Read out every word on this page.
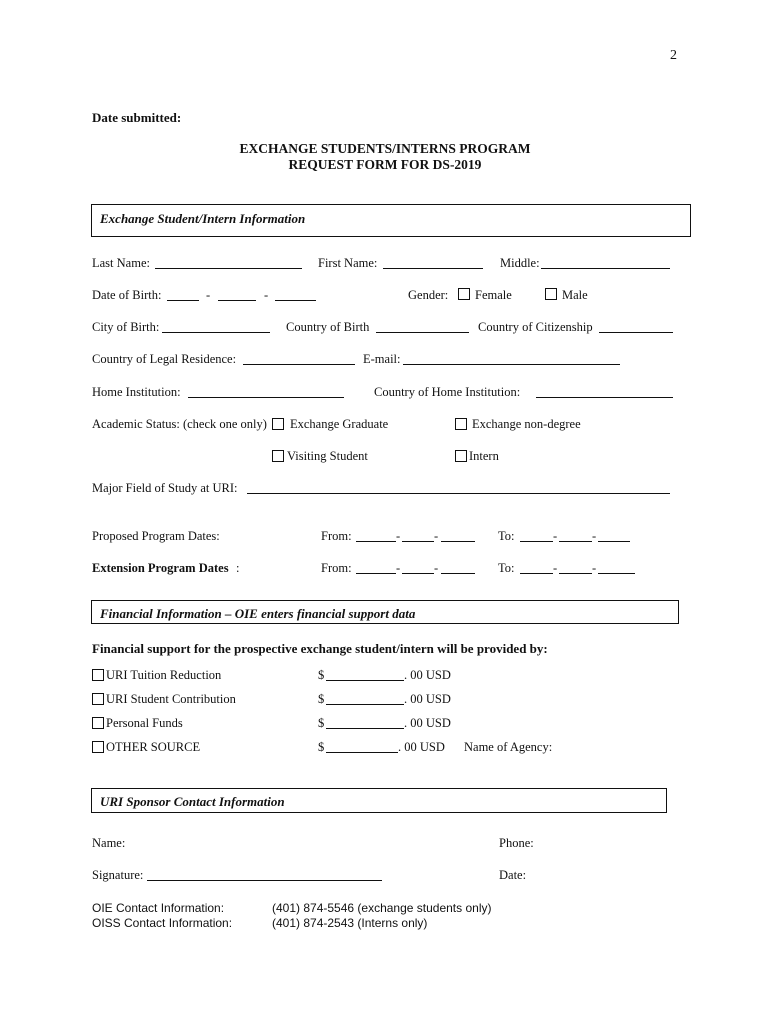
2
Date submitted:
EXCHANGE STUDENTS/INTERNS PROGRAM
REQUEST FORM FOR DS-2019
Exchange Student/Intern Information
Last Name:	First Name:	Middle:
Date of Birth:	-	-	Gender: Female	Male
City of Birth:	Country of Birth	Country of Citizenship
Country of Legal Residence:	E-mail:
Home Institution:	Country of Home Institution:
Academic Status: (check one only) Exchange Graduate	Exchange non-degree
Visiting Student	Intern
Major Field of Study at URI:
Proposed Program Dates:	From:	-	-	To:	-	-
Extension Program Dates :	From:	-	-	To:	-	-
Financial Information – OIE enters financial support data
Financial support for the prospective exchange student/intern will be provided by:
URI Tuition Reduction	$	. 00 USD
URI Student Contribution	$	. 00 USD
Personal Funds	$	. 00 USD
OTHER SOURCE	$	. 00 USD Name of Agency:
URI Sponsor Contact Information
Name:	Phone:
Signature:	Date:
OIE Contact Information:	(401) 874-5546 (exchange students only)
OISS Contact Information:	(401) 874-2543 (Interns only)
